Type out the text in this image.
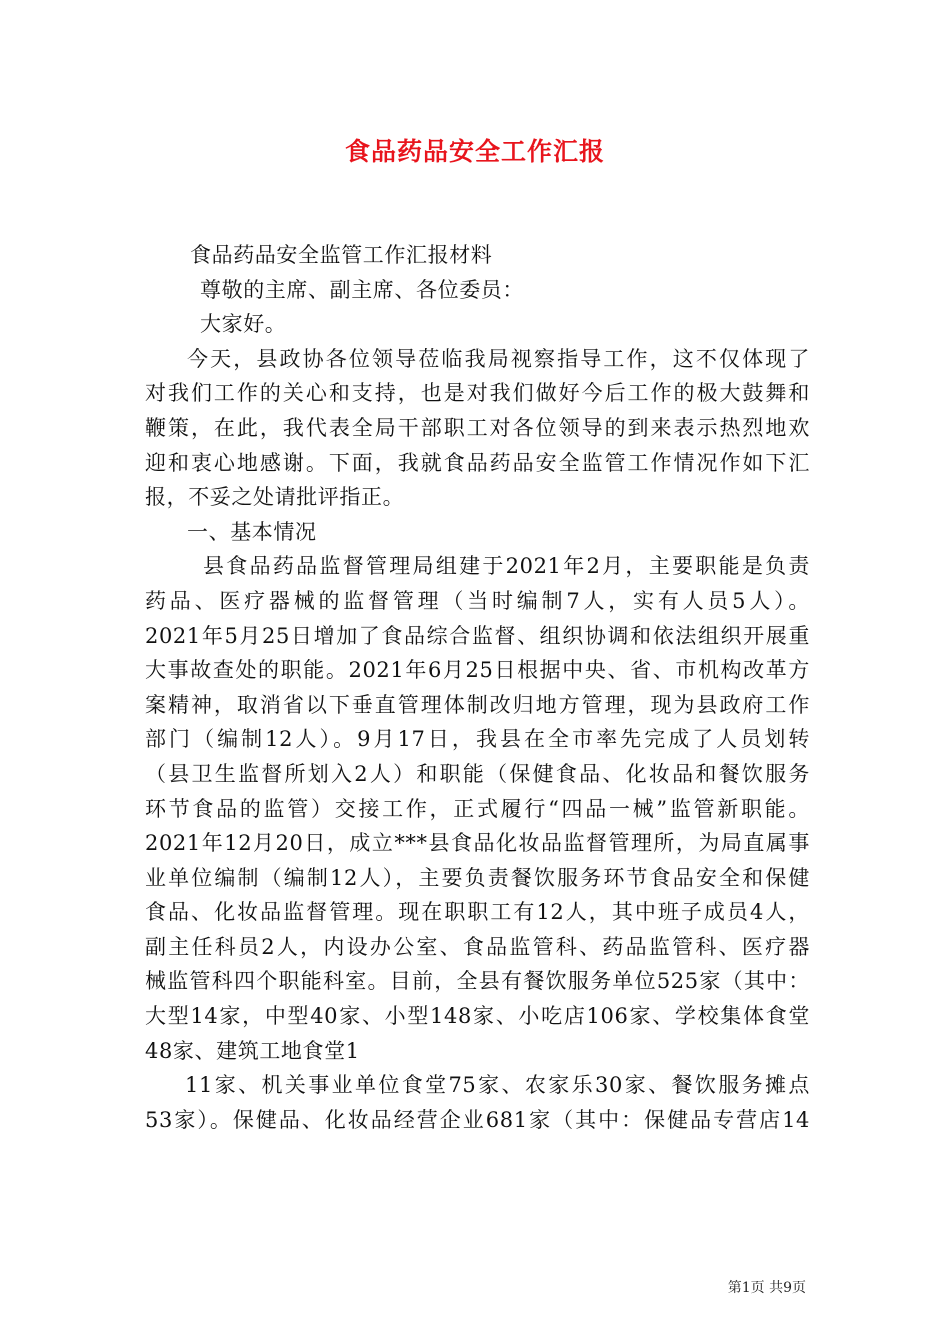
食品药品安全工作汇报
食品药品安全监管工作汇报材料
尊敬的主席、副主席、各位委员：
大家好。
今天，县政协各位领导莅临我局视察指导工作，这不仅体现了
对我们工作的关心和支持，也是对我们做好今后工作的极大鼓舞和
鞭策，在此，我代表全局干部职工对各位领导的到来表示热烈地欢
迎和衷心地感谢。下面，我就食品药品安全监管工作情况作如下汇
报，不妥之处请批评指正。
一、基本情况
县食品药品监督管理局组建于2021年2月，主要职能是负责
药品、医疗器械的监督管理（当时编制7人，实有人员5人）。
2021年5月25日增加了食品综合监督、组织协调和依法组织开展重
大事故查处的职能。2021年6月25日根据中央、省、市机构改革方
案精神，取消省以下垂直管理体制改归地方管理，现为县政府工作
部门（编制12人）。9月17日，我县在全市率先完成了人员划转
（县卫生监督所划入2人）和职能（保健食品、化妆品和餐饮服务
环节食品的监管）交接工作，正式履行“四品一械”监管新职能。
2021年12月20日，成立***县食品化妆品监督管理所，为局直属事
业单位编制（编制12人），主要负责餐饮服务环节食品安全和保健
食品、化妆品监督管理。现在职职工有12人，其中班子成员4人，
副主任科员2人，内设办公室、食品监管科、药品监管科、医疗器
械监管科四个职能科室。目前，全县有餐饮服务单位525家（其中：
大型14家，中型40家、小型148家、小吃店106家、学校集体食堂
48家、建筑工地食堂1
11家、机关事业单位食堂75家、农家乐30家、餐饮服务摊点
53家）。保健品、化妆品经营企业681家（其中：保健品专营店14
第1页 共9页
